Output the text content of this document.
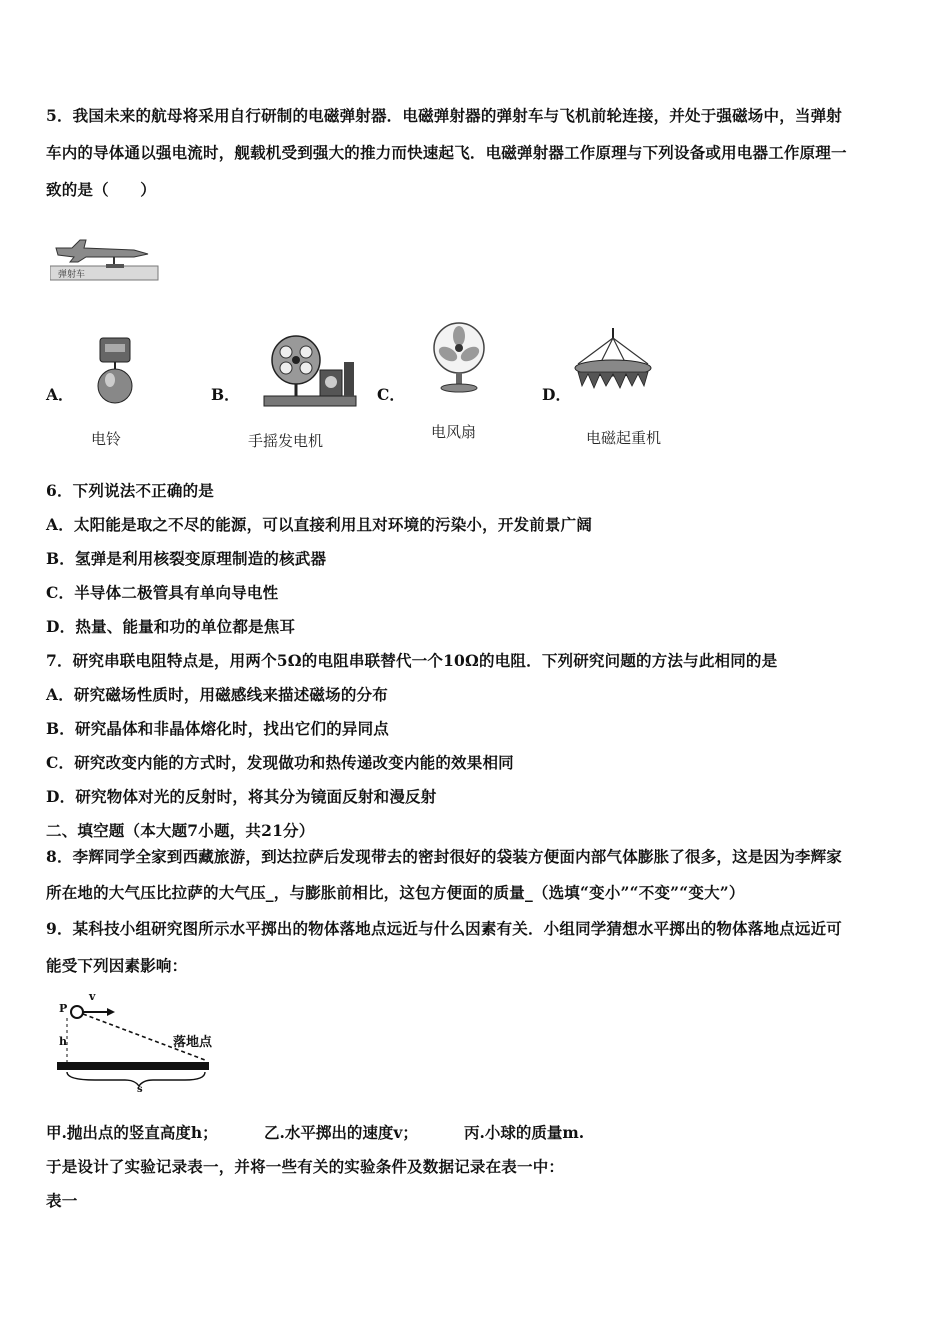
5．我国未来的航母将采用自行研制的电磁弹射器．电磁弹射器的弹射车与飞机前轮连接，并处于强磁场中，当弹射
车内的导体通以强电流时，舰载机受到强大的推力而快速起飞．电磁弹射器工作原理与下列设备或用电器工作原理一
致的是（　　）
弹射车
A．
电铃
B．
手摇发电机
C．
电风扇
D．
电磁起重机
6．下列说法不正确的是
A．太阳能是取之不尽的能源，可以直接利用且对环境的污染小，开发前景广阔
B．氢弹是利用核裂变原理制造的核武器
C．半导体二极管具有单向导电性
D．热量、能量和功的单位都是焦耳
7．研究串联电阻特点是，用两个5Ω的电阻串联替代一个10Ω的电阻．下列研究问题的方法与此相同的是
A．研究磁场性质时，用磁感线来描述磁场的分布
B．研究晶体和非晶体熔化时，找出它们的异同点
C．研究改变内能的方式时，发现做功和热传递改变内能的效果相同
D．研究物体对光的反射时，将其分为镜面反射和漫反射
二、填空题（本大题7小题，共21分）
8．李辉同学全家到西藏旅游，到达拉萨后发现带去的密封很好的袋装方便面内部气体膨胀了很多，这是因为李辉家
所在地的大气压比拉萨的大气压_，与膨胀前相比，这包方便面的质量_（选填“变小”“不变”“变大”）
9．某科技小组研究图所示水平掷出的物体落地点远近与什么因素有关．小组同学猜想水平掷出的物体落地点远近可
能受下列因素影响：
P
v
h
s
落地点
甲.抛出点的竖直高度h；	乙.水平掷出的速度v；	丙.小球的质量m.
于是设计了实验记录表一，并将一些有关的实验条件及数据记录在表一中：
表一
